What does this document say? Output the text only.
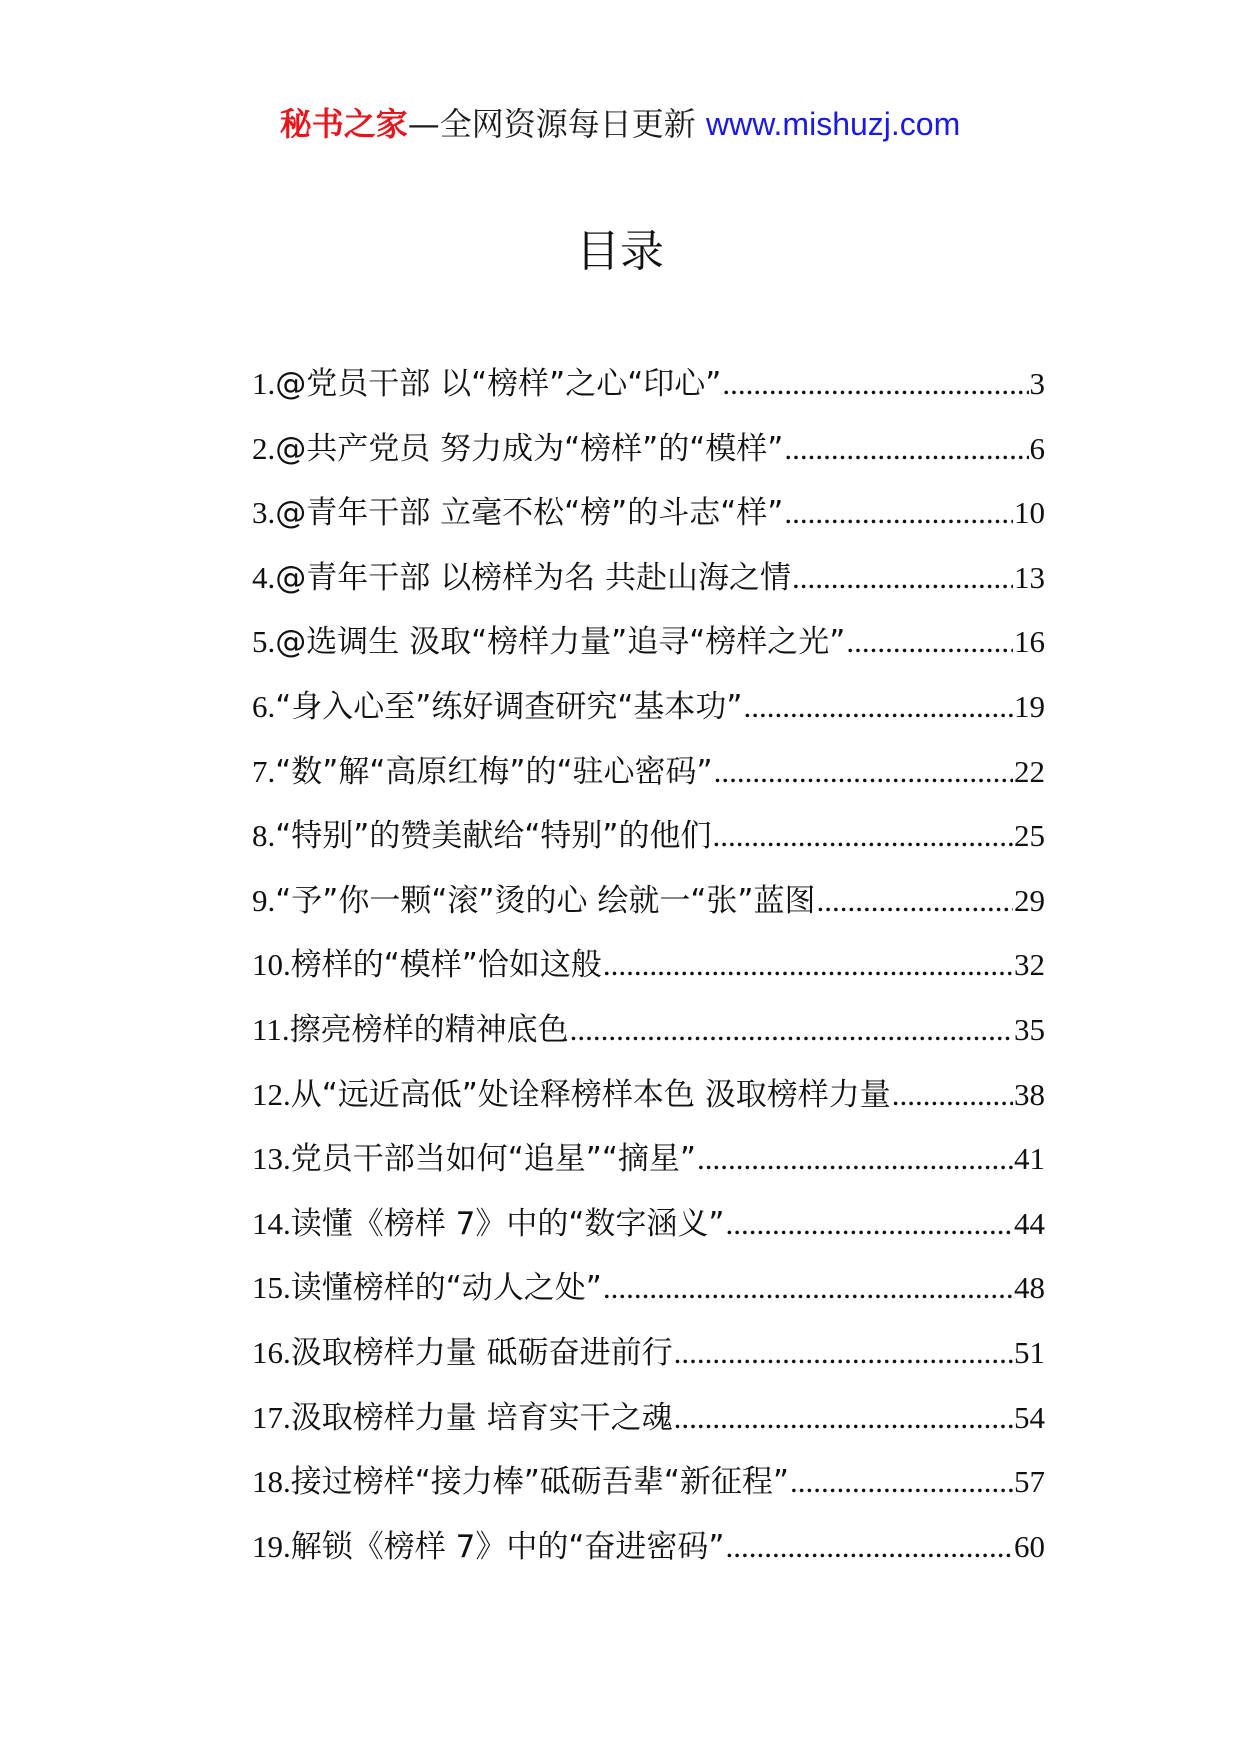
秘书之家—全网资源每日更新 www.mishuzj.com
目录
1. @党员干部 以“榜样”之心“印心” .....	3
2. @共产党员 努力成为“榜样”的“模样” .....	6
3. @青年干部 立毫不松“榜”的斗志“样” .....	10
4. @青年干部 以榜样为名 共赴山海之情 .....	13
5. @选调生 汲取“榜样力量”追寻“榜样之光” .....	16
6. “身入心至”练好调查研究“基本功” .....	19
7. “数”解“高原红梅”的“驻心密码” .....	22
8. “特别”的赞美献给“特别”的他们 .....	25
9. “予”你一颗“滚”烫的心 绘就一“张”蓝图 .....	29
10. 榜样的“模样”恰如这般 .....	32
11. 擦亮榜样的精神底色 .....	35
12. 从“远近高低”处诠释榜样本色 汲取榜样力量 .....	38
13. 党员干部当如何“追星”“摘星” .....	41
14. 读懂《榜样 7》中的“数字涵义” .....	44
15. 读懂榜样的“动人之处” .....	48
16. 汲取榜样力量 砥砺奋进前行 .....	51
17. 汲取榜样力量 培育实干之魂 .....	54
18. 接过榜样“接力棒”砥砺吾辈“新征程” .....	57
19. 解锁《榜样 7》中的“奋进密码” .....	60
